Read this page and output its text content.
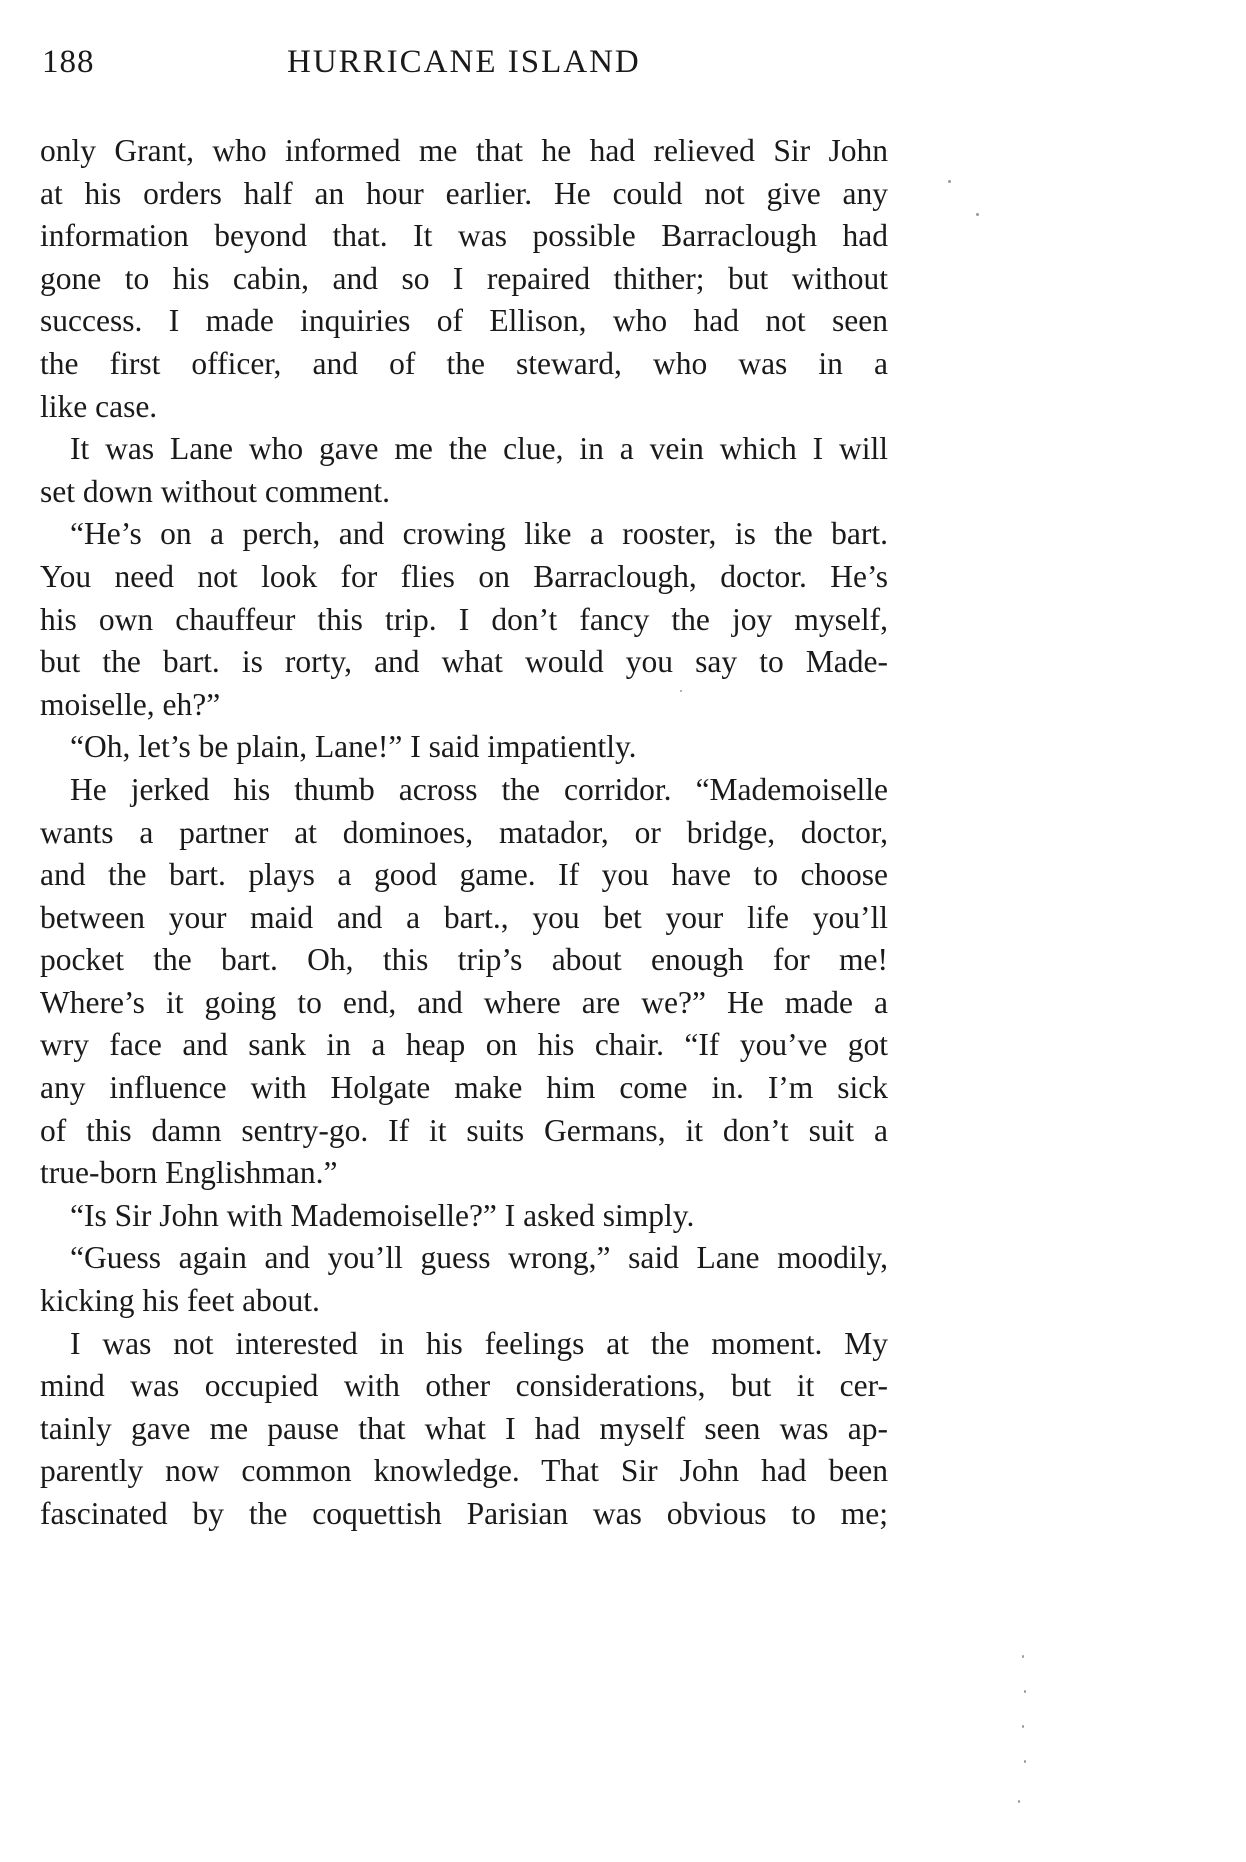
188	HURRICANE ISLAND
only Grant, who informed me that he had relieved Sir John
at his orders half an hour earlier. He could not give any
information beyond that. It was possible Barraclough had
gone to his cabin, and so I repaired thither; but without
success. I made inquiries of Ellison, who had not seen
the first officer, and of the steward, who was in a
like case.
It was Lane who gave me the clue, in a vein which I will
set down without comment.
“He’s on a perch, and crowing like a rooster, is the bart.
You need not look for flies on Barraclough, doctor. He’s
his own chauffeur this trip. I don’t fancy the joy myself,
but the bart. is rorty, and what would you say to Made-
moiselle, eh?”
“Oh, let’s be plain, Lane!” I said impatiently.
He jerked his thumb across the corridor. “Mademoiselle
wants a partner at dominoes, matador, or bridge, doctor,
and the bart. plays a good game. If you have to choose
between your maid and a bart., you bet your life you’ll
pocket the bart. Oh, this trip’s about enough for me!
Where’s it going to end, and where are we?” He made a
wry face and sank in a heap on his chair. “If you’ve got
any influence with Holgate make him come in. I’m sick
of this damn sentry-go. If it suits Germans, it don’t suit a
true-born Englishman.”
“Is Sir John with Mademoiselle?” I asked simply.
“Guess again and you’ll guess wrong,” said Lane moodily,
kicking his feet about.
I was not interested in his feelings at the moment. My
mind was occupied with other considerations, but it cer-
tainly gave me pause that what I had myself seen was ap-
parently now common knowledge. That Sir John had been
fascinated by the coquettish Parisian was obvious to me;
